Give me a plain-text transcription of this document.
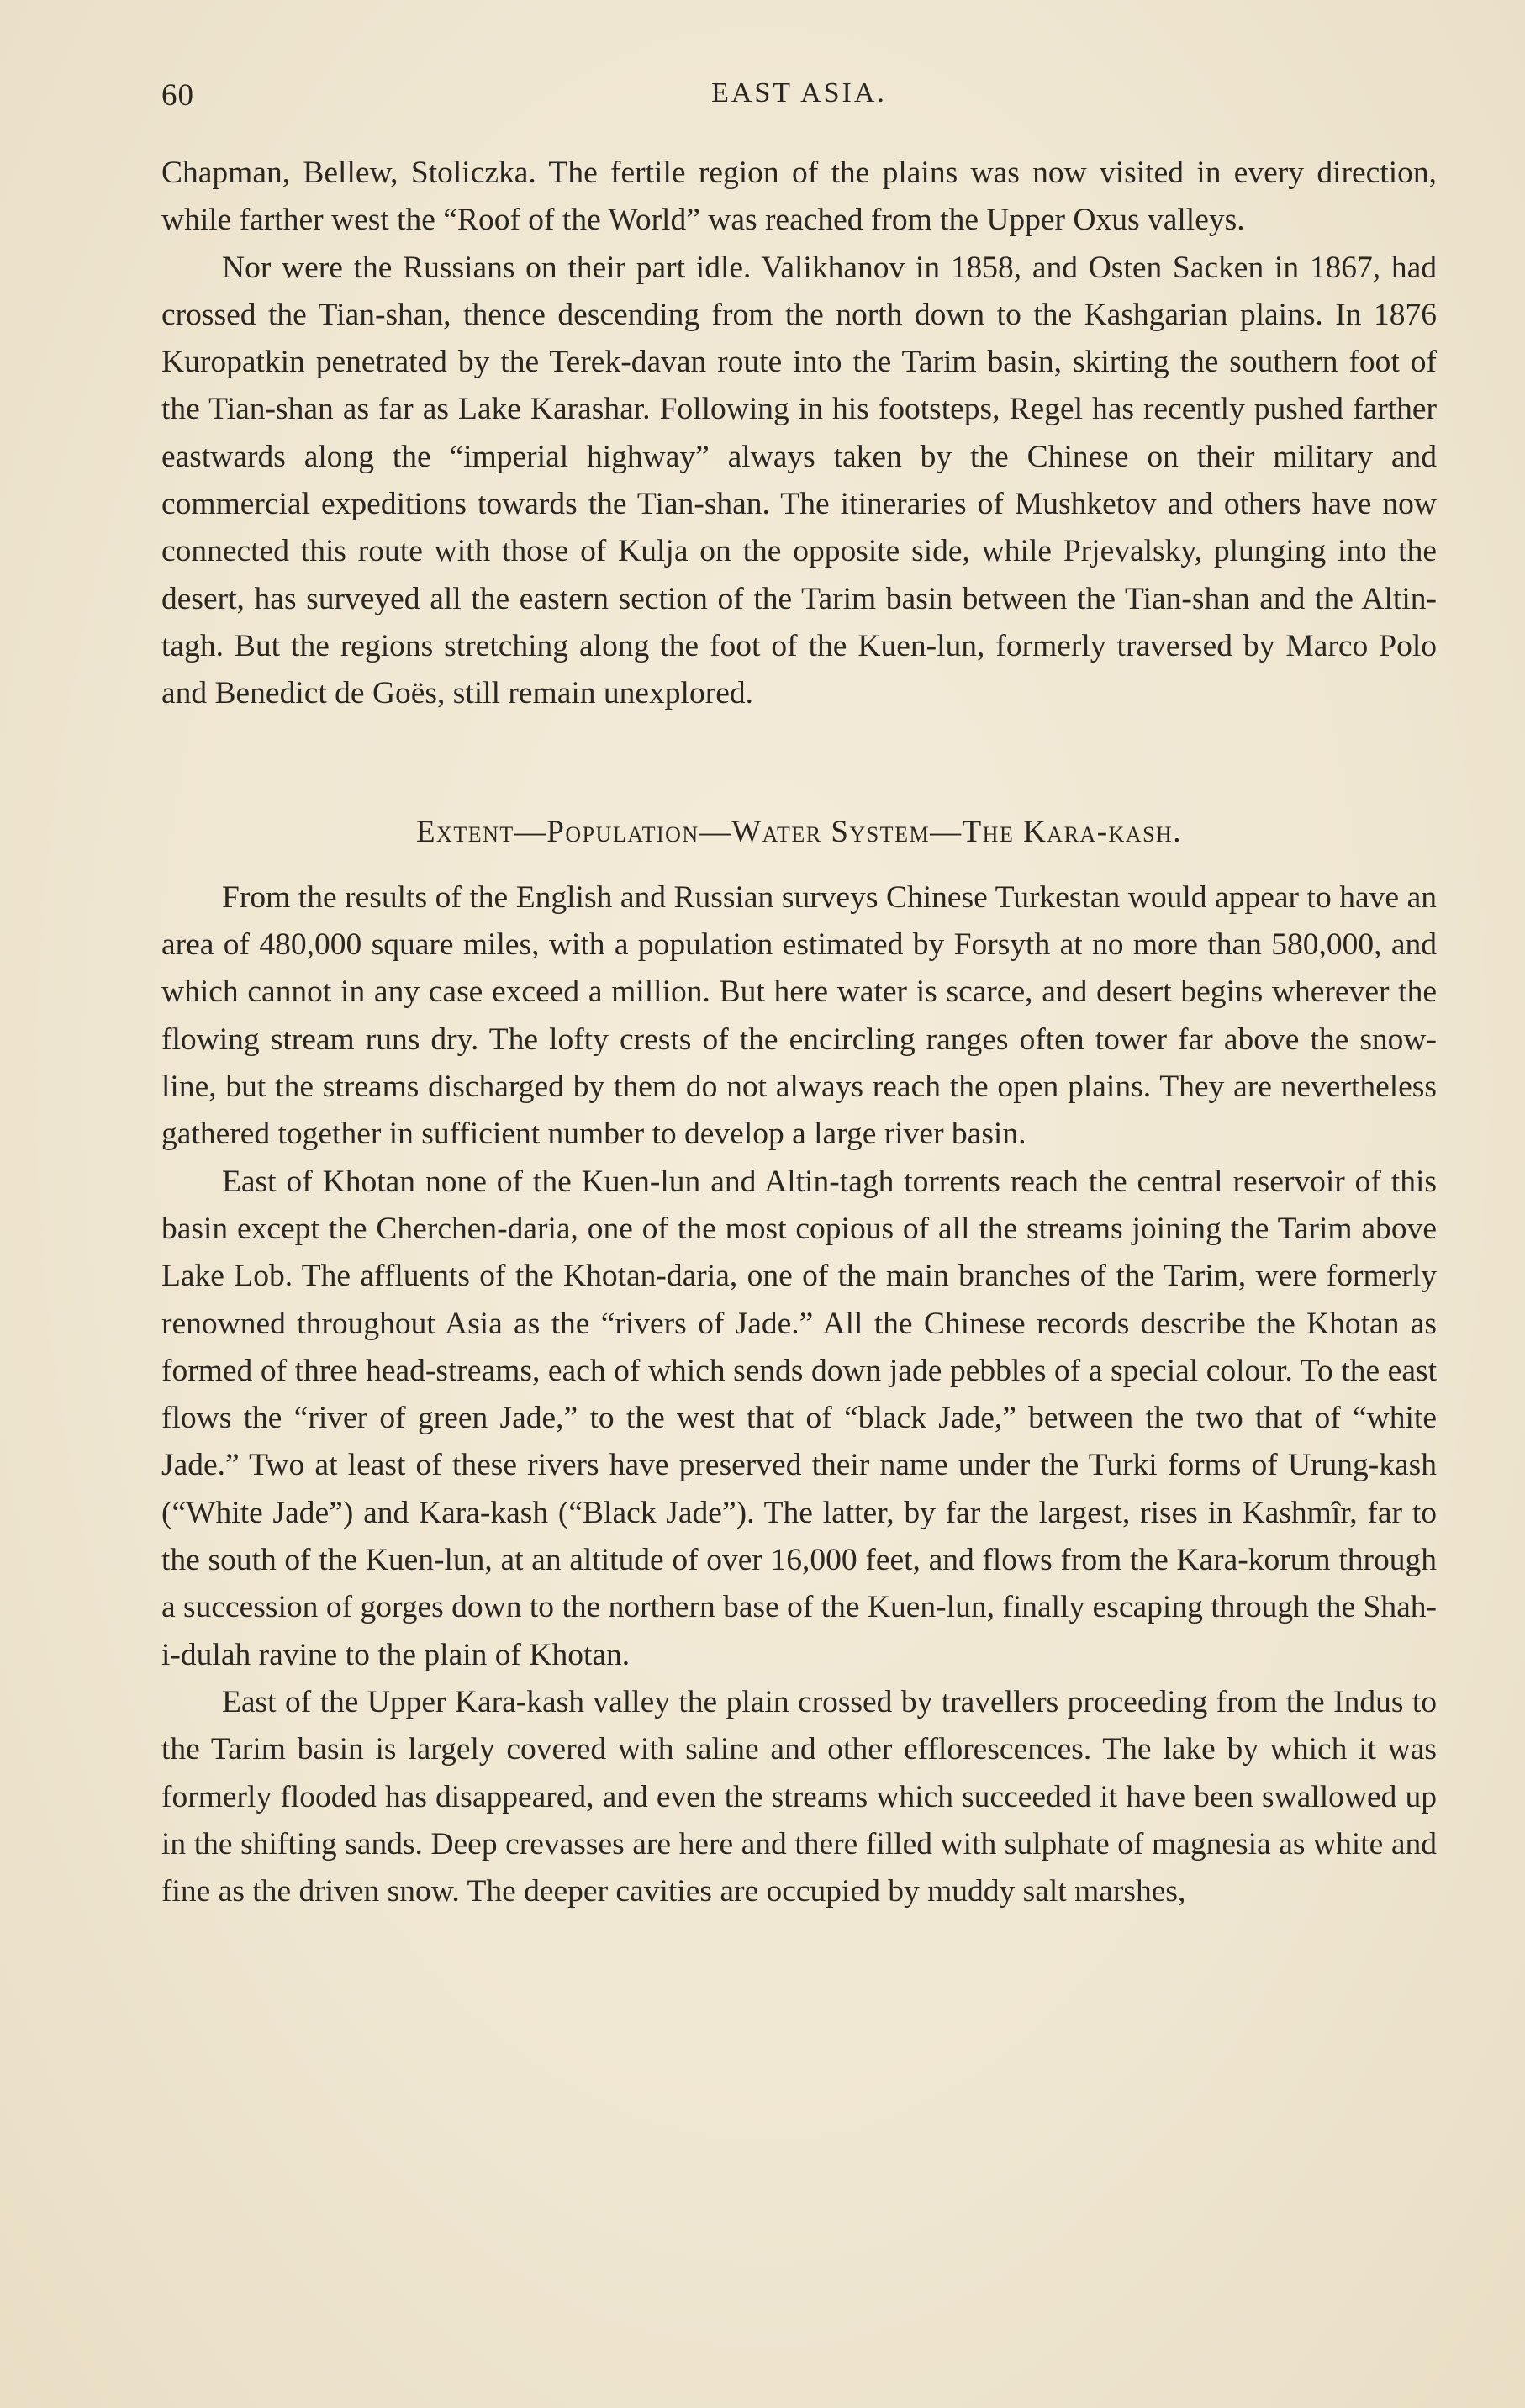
60	EAST ASIA.

Chapman, Bellew, Stoliczka. The fertile region of the plains was now visited in every direction, while farther west the “Roof of the World” was reached from the Upper Oxus valleys.

Nor were the Russians on their part idle. Valikhanov in 1858, and Osten Sacken in 1867, had crossed the Tian-shan, thence descending from the north down to the Kashgarian plains. In 1876 Kuropatkin penetrated by the Terek-davan route into the Tarim basin, skirting the southern foot of the Tian-shan as far as Lake Karashar. Following in his footsteps, Regel has recently pushed farther eastwards along the “imperial highway” always taken by the Chinese on their military and commercial expeditions towards the Tian-shan. The itineraries of Mushketov and others have now connected this route with those of Kulja on the opposite side, while Prjevalsky, plunging into the desert, has surveyed all the eastern section of the Tarim basin between the Tian-shan and the Altin-tagh. But the regions stretching along the foot of the Kuen-lun, formerly traversed by Marco Polo and Benedict de Goës, still remain unexplored.

Extent—Population—Water System—The Kara-kash.

From the results of the English and Russian surveys Chinese Turkestan would appear to have an area of 480,000 square miles, with a population estimated by Forsyth at no more than 580,000, and which cannot in any case exceed a million. But here water is scarce, and desert begins wherever the flowing stream runs dry. The lofty crests of the encircling ranges often tower far above the snow-line, but the streams discharged by them do not always reach the open plains. They are nevertheless gathered together in sufficient number to develop a large river basin.

East of Khotan none of the Kuen-lun and Altin-tagh torrents reach the central reservoir of this basin except the Cherchen-daria, one of the most copious of all the streams joining the Tarim above Lake Lob. The affluents of the Khotan-daria, one of the main branches of the Tarim, were formerly renowned throughout Asia as the “rivers of Jade.” All the Chinese records describe the Khotan as formed of three head-streams, each of which sends down jade pebbles of a special colour. To the east flows the “river of green Jade,” to the west that of “black Jade,” between the two that of “white Jade.” Two at least of these rivers have preserved their name under the Turki forms of Urung-kash (“White Jade”) and Kara-kash (“Black Jade”). The latter, by far the largest, rises in Kashmîr, far to the south of the Kuen-lun, at an altitude of over 16,000 feet, and flows from the Kara-korum through a succession of gorges down to the northern base of the Kuen-lun, finally escaping through the Shah-i-dulah ravine to the plain of Khotan.

East of the Upper Kara-kash valley the plain crossed by travellers proceeding from the Indus to the Tarim basin is largely covered with saline and other efflorescences. The lake by which it was formerly flooded has disappeared, and even the streams which succeeded it have been swallowed up in the shifting sands. Deep crevasses are here and there filled with sulphate of magnesia as white and fine as the driven snow. The deeper cavities are occupied by muddy salt marshes,
